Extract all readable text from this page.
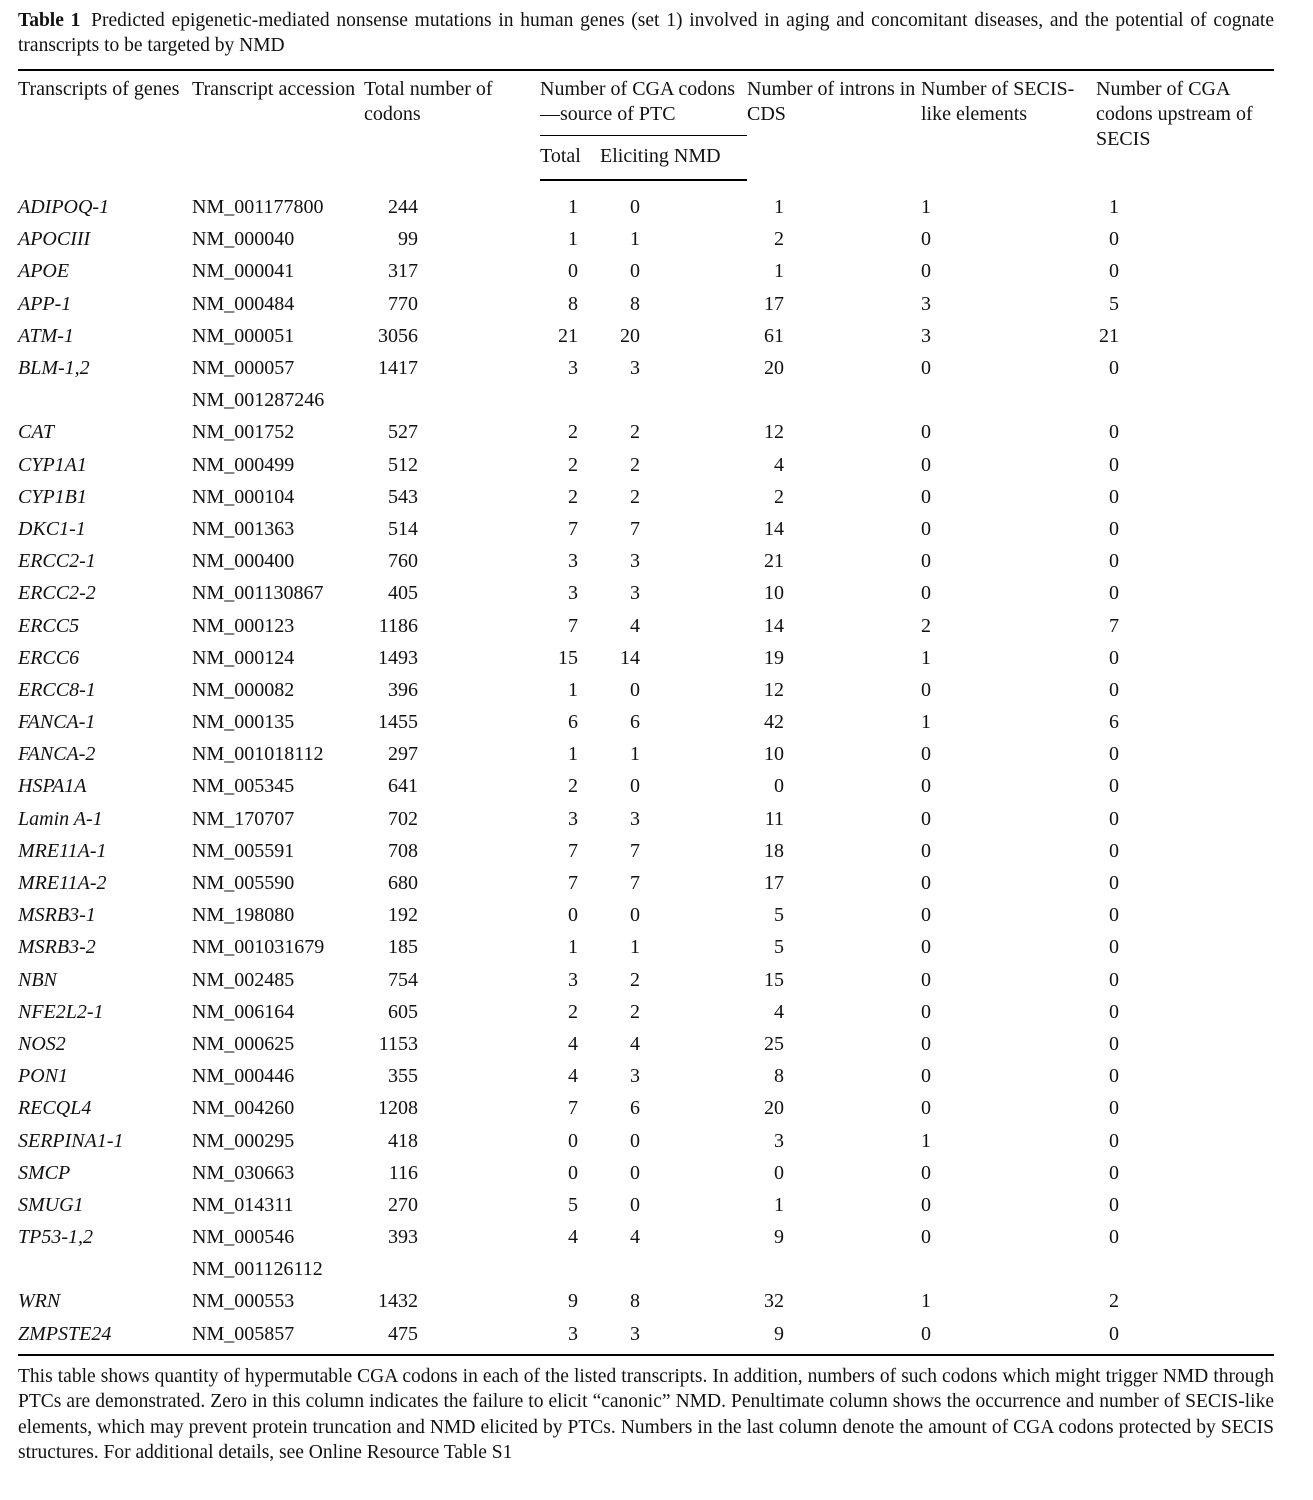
Table 1 Predicted epigenetic-mediated nonsense mutations in human genes (set 1) involved in aging and concomitant diseases, and the potential of cognate transcripts to be targeted by NMD
Transcripts of genes	Transcript accession	Total number of codons	Number of CGA codons—source of PTC		Number of introns in CDS	Number of SECIS-like elements	Number of CGA codons upstream of SECIS
			Total	Eliciting NMD			
ADIPOQ-1	NM_001177800	244	1	0	1	1	1
APOCIII	NM_000040	99	1	1	2	0	0
APOE	NM_000041	317	0	0	1	0	0
APP-1	NM_000484	770	8	8	17	3	5
ATM-1	NM_000051	3056	21	20	61	3	21
BLM-1,2	NM_000057	1417	3	3	20	0	0
	NM_001287246						
CAT	NM_001752	527	2	2	12	0	0
CYP1A1	NM_000499	512	2	2	4	0	0
CYP1B1	NM_000104	543	2	2	2	0	0
DKC1-1	NM_001363	514	7	7	14	0	0
ERCC2-1	NM_000400	760	3	3	21	0	0
ERCC2-2	NM_001130867	405	3	3	10	0	0
ERCC5	NM_000123	1186	7	4	14	2	7
ERCC6	NM_000124	1493	15	14	19	1	0
ERCC8-1	NM_000082	396	1	0	12	0	0
FANCA-1	NM_000135	1455	6	6	42	1	6
FANCA-2	NM_001018112	297	1	1	10	0	0
HSPA1A	NM_005345	641	2	0	0	0	0
Lamin A-1	NM_170707	702	3	3	11	0	0
MRE11A-1	NM_005591	708	7	7	18	0	0
MRE11A-2	NM_005590	680	7	7	17	0	0
MSRB3-1	NM_198080	192	0	0	5	0	0
MSRB3-2	NM_001031679	185	1	1	5	0	0
NBN	NM_002485	754	3	2	15	0	0
NFE2L2-1	NM_006164	605	2	2	4	0	0
NOS2	NM_000625	1153	4	4	25	0	0
PON1	NM_000446	355	4	3	8	0	0
RECQL4	NM_004260	1208	7	6	20	0	0
SERPINA1-1	NM_000295	418	0	0	3	1	0
SMCP	NM_030663	116	0	0	0	0	0
SMUG1	NM_014311	270	5	0	1	0	0
TP53-1,2	NM_000546	393	4	4	9	0	0
	NM_001126112						
WRN	NM_000553	1432	9	8	32	1	2
ZMPSTE24	NM_005857	475	3	3	9	0	0
This table shows quantity of hypermutable CGA codons in each of the listed transcripts. In addition, numbers of such codons which might trigger NMD through PTCs are demonstrated. Zero in this column indicates the failure to elicit “canonic” NMD. Penultimate column shows the occurrence and number of SECIS-like elements, which may prevent protein truncation and NMD elicited by PTCs. Numbers in the last column denote the amount of CGA codons protected by SECIS structures. For additional details, see Online Resource Table S1
